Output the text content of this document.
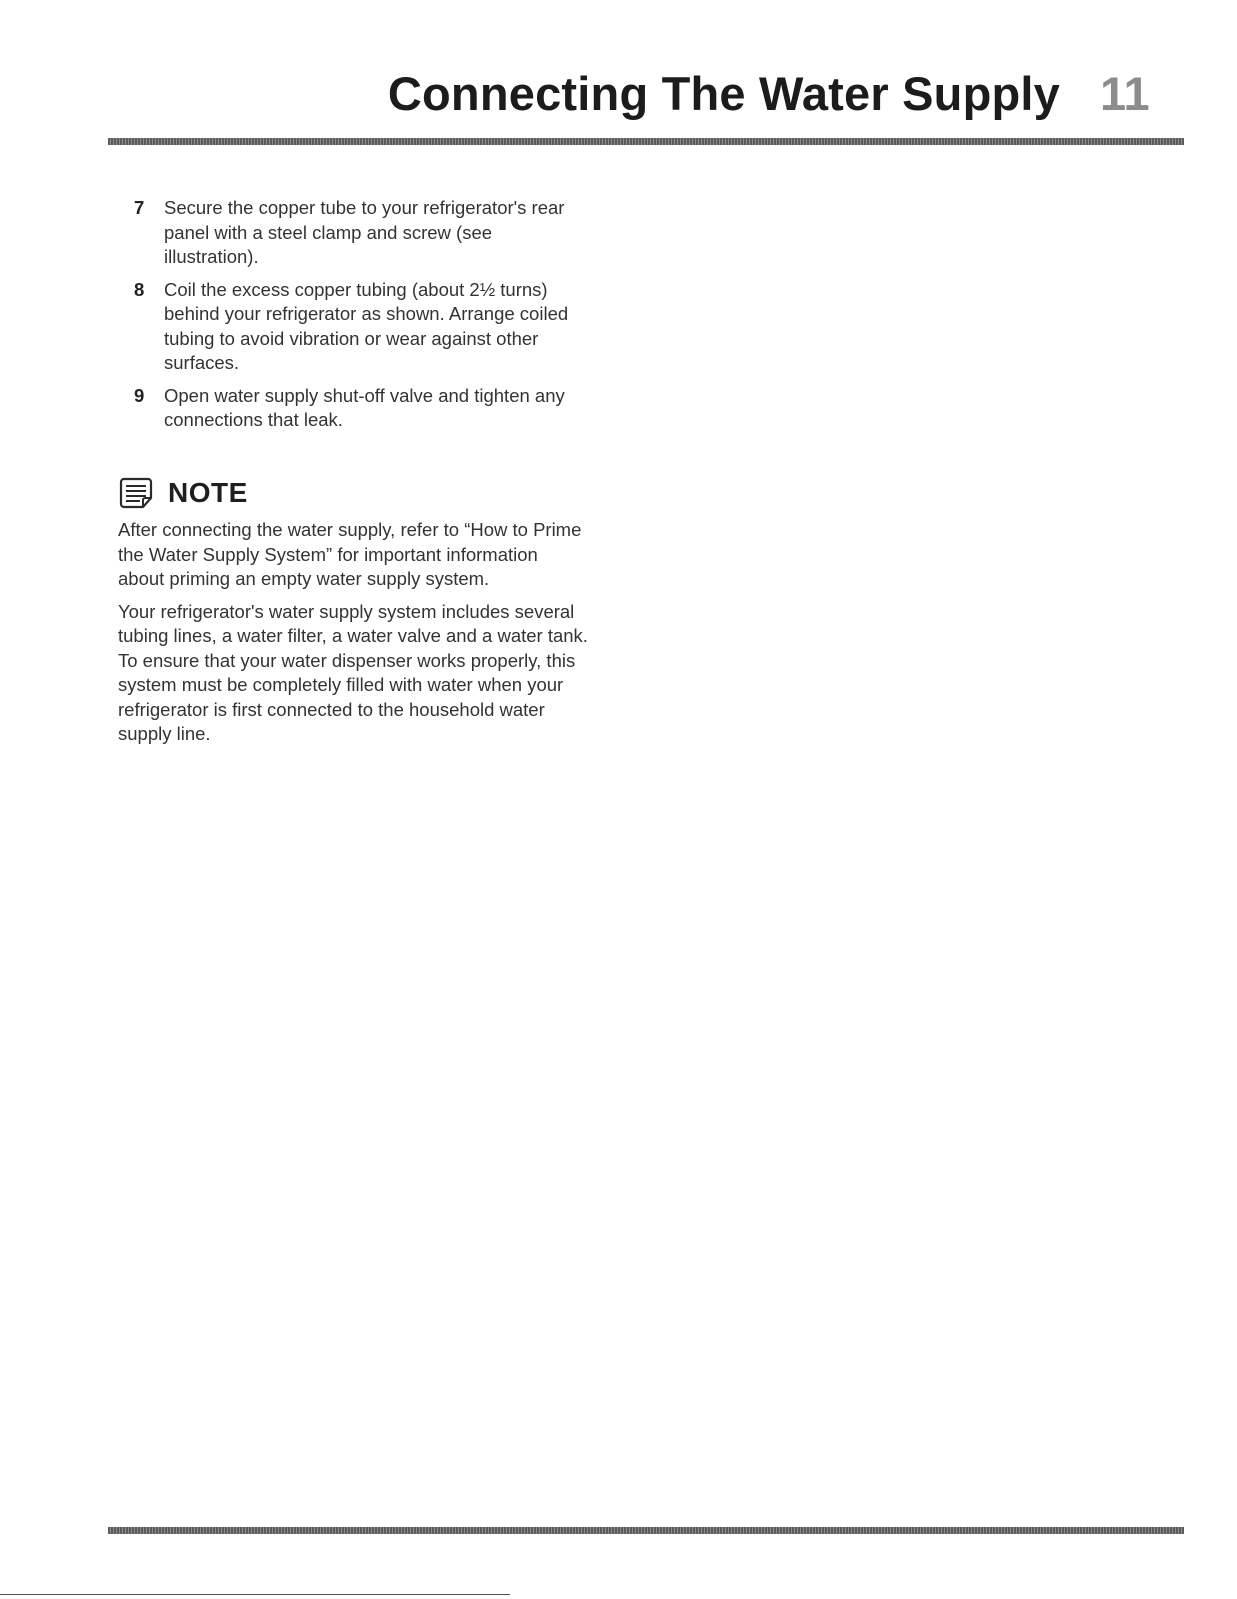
Connecting The Water Supply 11
7 Secure the copper tube to your refrigerator's rear panel with a steel clamp and screw (see illustration).
8 Coil the excess copper tubing (about 2½ turns) behind your refrigerator as shown. Arrange coiled tubing to avoid vibration or wear against other surfaces.
9 Open water supply shut-off valve and tighten any connections that leak.
NOTE

After connecting the water supply, refer to “How to Prime the Water Supply System” for important information about priming an empty water supply system.

Your refrigerator's water supply system includes several tubing lines, a water filter, a water valve and a water tank. To ensure that your water dispenser works properly, this system must be completely filled with water when your refrigerator is first connected to the household water supply line.
